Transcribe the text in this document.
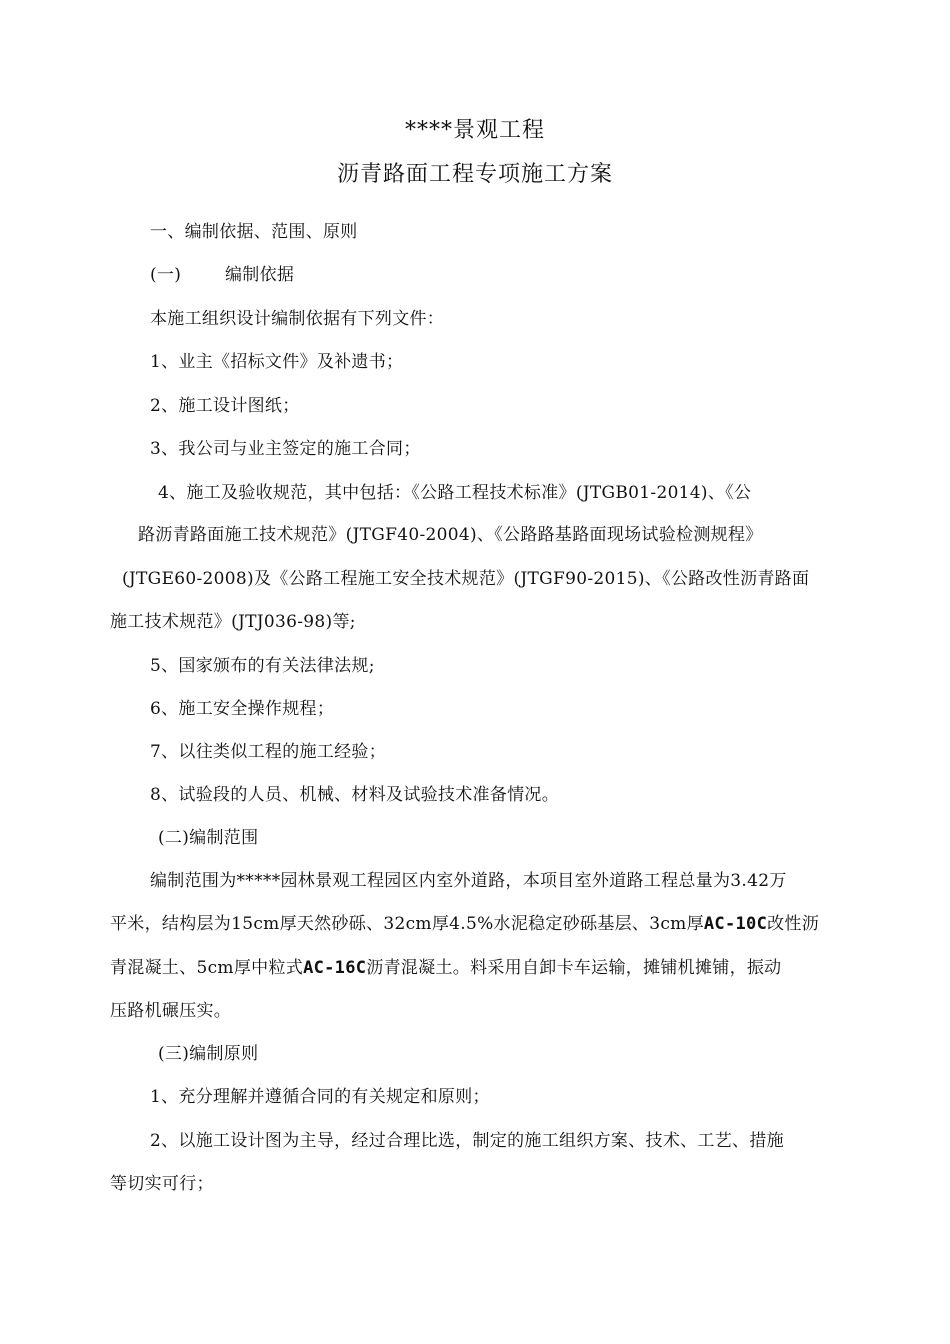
****景观工程
沥青路面工程专项施工方案
一、编制依据、范围、原则
(一)	编制依据
本施工组织设计编制依据有下列文件：
1、业主《招标文件》及补遗书；
2、施工设计图纸；
3、我公司与业主签定的施工合同；
4、施工及验收规范，其中包括：《公路工程技术标准》(JTGB01-2014)、《公
路沥青路面施工技术规范》(JTGF40-2004)、《公路路基路面现场试验检测规程》
(JTGE60-2008)及《公路工程施工安全技术规范》(JTGF90-2015)、《公路改性沥青路面
施工技术规范》(JTJ036-98)等;
5、国家颁布的有关法律法规;
6、施工安全操作规程；
7、以往类似工程的施工经验；
8、试验段的人员、机械、材料及试验技术准备情况。
(二)编制范围
编制范围为*****园林景观工程园区内室外道路，本项目室外道路工程总量为3.42万
平米，结构层为15cm厚天然砂砾、32cm厚4.5%水泥稳定砂砾基层、3cm厚AC-10C改性沥
青混凝土、5cm厚中粒式AC-16C沥青混凝土。料采用自卸卡车运输，摊铺机摊铺，振动
压路机碾压实。
(三)编制原则
1、充分理解并遵循合同的有关规定和原则；
2、以施工设计图为主导，经过合理比选，制定的施工组织方案、技术、工艺、措施
等切实可行；
